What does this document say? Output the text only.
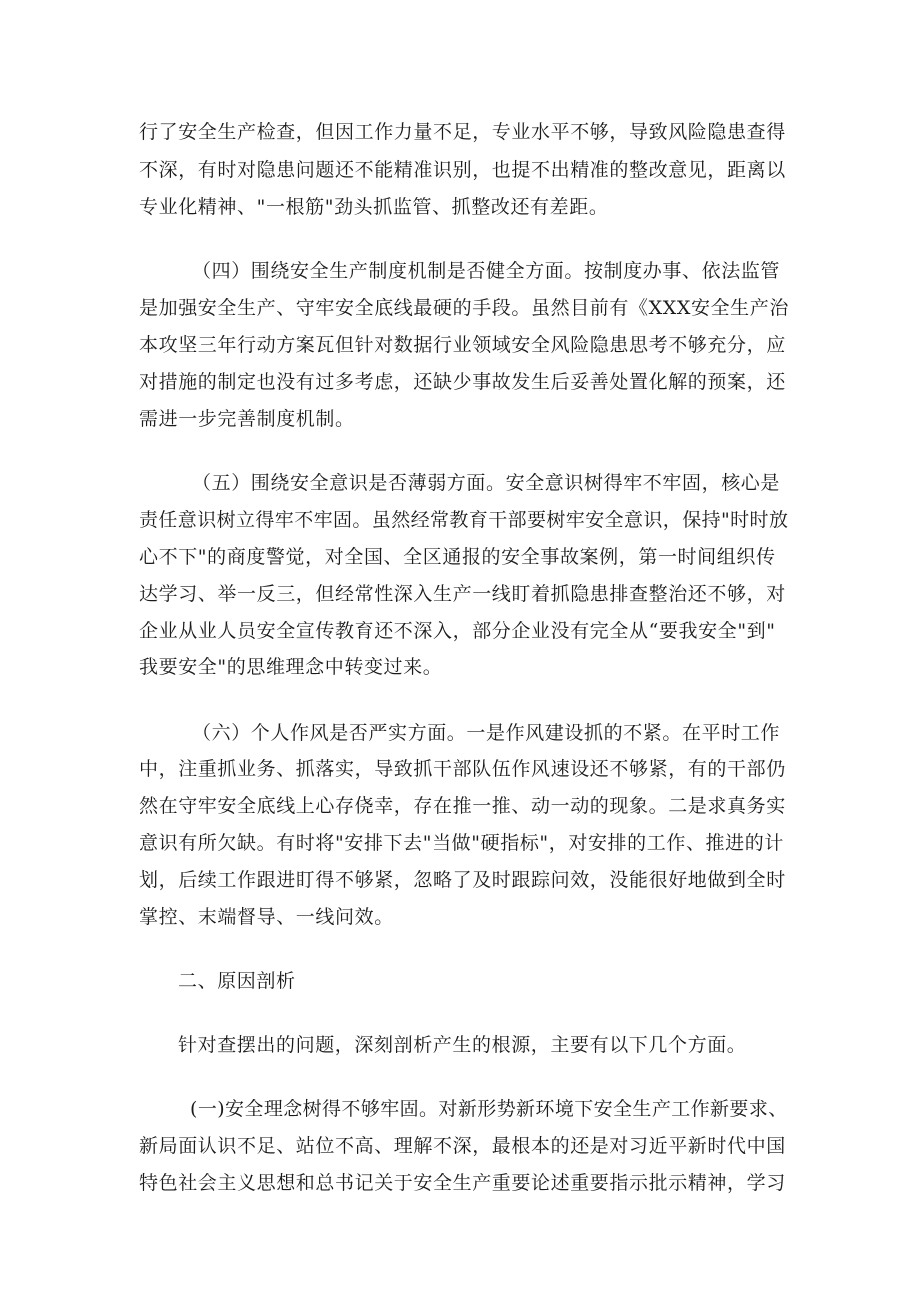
行了安全生产检查，但因工作力量不足，专业水平不够，导致风险隐患查得
不深，有时对隐患问题还不能精准识别，也提不出精准的整改意见，距离以
专业化精神、"一根筋"劲头抓监管、抓整改还有差距。
（四）围绕安全生产制度机制是否健全方面。按制度办事、依法监管
是加强安全生产、守牢安全底线最硬的手段。虽然目前有《XXX安全生产治
本攻坚三年行动方案瓦但针对数据行业领域安全风险隐患思考不够充分，应
对措施的制定也没有过多考虑，还缺少事故发生后妥善处置化解的预案，还
需进一步完善制度机制。
（五）围绕安全意识是否薄弱方面。安全意识树得牢不牢固，核心是
责任意识树立得牢不牢固。虽然经常教育干部要树牢安全意识，保持"时时放
心不下"的商度警觉，对全国、全区通报的安全事故案例，第一时间组织传
达学习、举一反三，但经常性深入生产一线盯着抓隐患排查整治还不够，对
企业从业人员安全宣传教育还不深入，部分企业没有完全从“要我安全"到"
我要安全"的思维理念中转变过来。
（六）个人作风是否严实方面。一是作风建设抓的不紧。在平时工作
中，注重抓业务、抓落实，导致抓干部队伍作风速设还不够紧，有的干部仍
然在守牢安全底线上心存侥幸，存在推一推、动一动的现象。二是求真务实
意识有所欠缺。有时将"安排下去"当做"硬指标"，对安排的工作、推进的计
划，后续工作跟进盯得不够紧，忽略了及时跟踪问效，没能很好地做到全时
掌控、末端督导、一线问效。
二、原因剖析
针对查摆出的问题，深刻剖析产生的根源，主要有以下几个方面。
(一)安全理念树得不够牢固。对新形势新环境下安全生产工作新要求、
新局面认识不足、站位不高、理解不深，最根本的还是对习近平新时代中国
特色社会主义思想和总书记关于安全生产重要论述重要指示批示精神，学习
